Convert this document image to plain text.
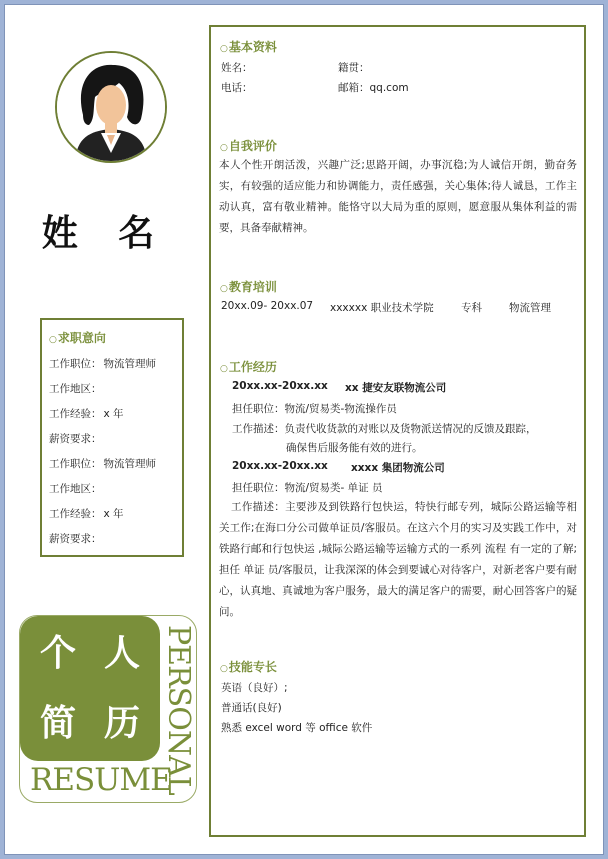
姓 名
○求职意向
工作职位： 物流管理师
工作地区：
工作经验： x 年
薪资要求：
工作职位： 物流管理师
工作地区：
工作经验： x 年
薪资要求：
个 人
简 历
RESUME
PERSONAL
○基本资料
姓名：	籍贯：
电话：	邮箱：qq.com
○自我评价
本人个性开朗活泼，兴趣广泛;思路开阔，办事沉稳;为人诚信开朗，勤奋务实，有较强的适应能力和协调能力，责任感强，关心集体;待人诚恳，工作主动认真，富有敬业精神。能恪守以大局为重的原则，愿意服从集体利益的需要，具备奉献精神。
○教育培训
20xx.09- 20xx.07 xxxxxx 职业技术学院	专科	物流管理
○工作经历
20xx.xx-20xx.xx xx 捷安友联物流公司
担任职位：物流/贸易类-物流操作员
工作描述：负责代收货款的对账以及货物派送情况的反馈及跟踪，
确保售后服务能有效的进行。
20xx.xx-20xx.xx xxxx 集团物流公司
担任职位：物流/贸易类- 单证 员
工作描述：主要涉及到铁路行包快运，特快行邮专列，城际公路运输等相关工作;在海口分公司做单证员/客服员。在这六个月的实习及实践工作中，对铁路行邮和行包快运 ,城际公路运输等运输方式的一系列 流程 有一定的了解;担任 单证 员/客服员，让我深深的体会到要诚心对待客户，对新老客户要有耐心，认真地、真诚地为客户服务，最大的满足客户的需要，耐心回答客户的疑问。
○技能专长
英语（良好）;
普通话(良好)
熟悉 excel word 等 office 软件
